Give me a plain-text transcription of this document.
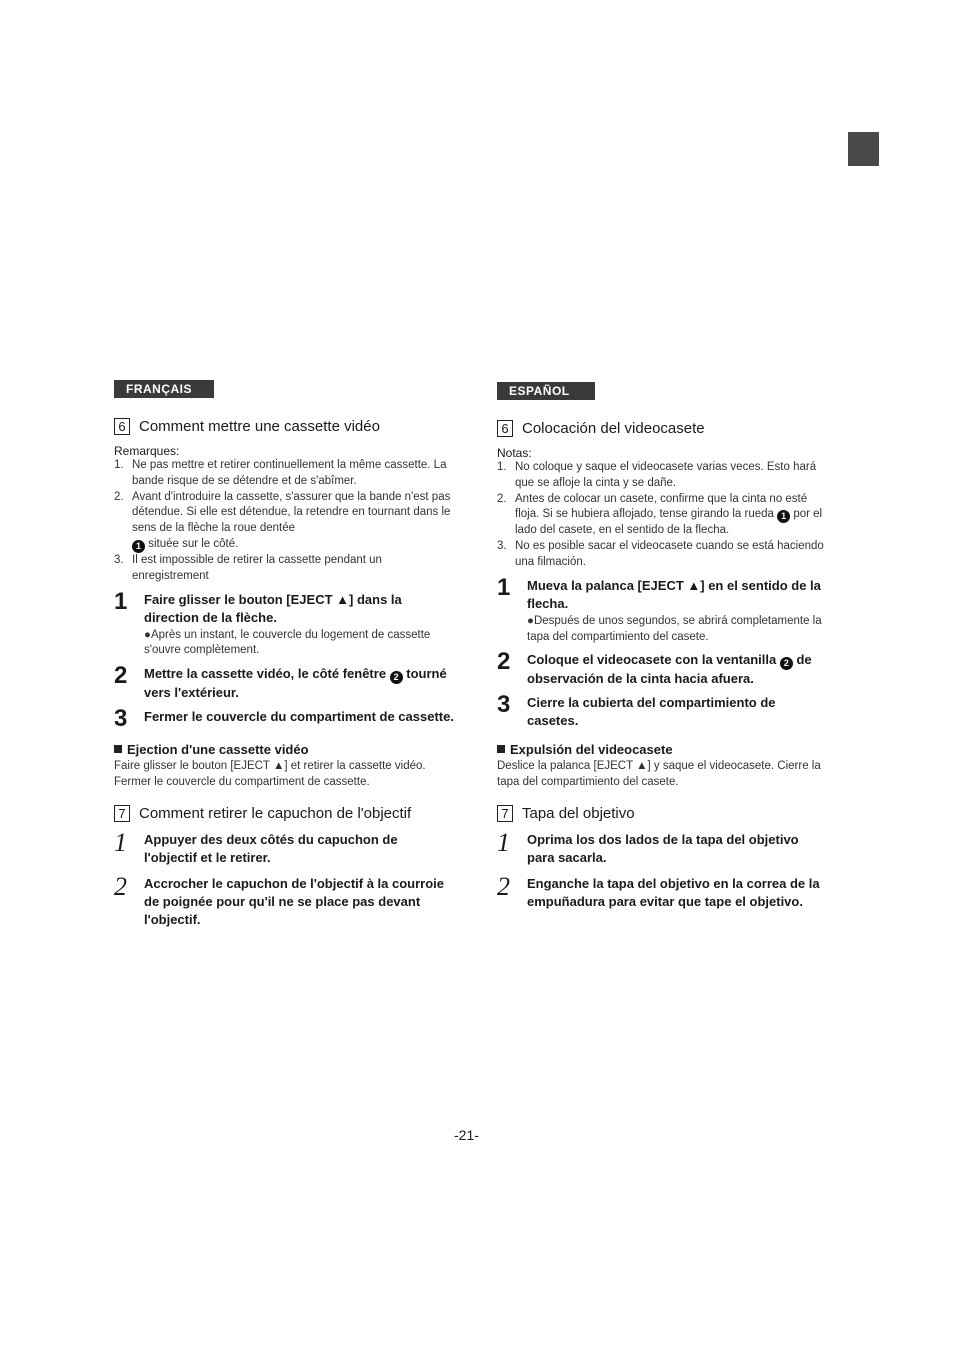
FRANÇAIS
6 Comment mettre une cassette vidéo
Remarques:
1. Ne pas mettre et retirer continuellement la même cassette. La bande risque de se détendre et de s'abîmer.
2. Avant d'introduire la cassette, s'assurer que la bande n'est pas détendue. Si elle est détendue, la retendre en tournant dans le sens de la flèche la roue dentée
1 située sur le côté.
3. Il est impossible de retirer la cassette pendant un enregistrement
1	Faire glisser le bouton [EJECT ▲] dans la direction de la flèche.
●Après un instant, le couvercle du logement de cassette s'ouvre complètement.
2	Mettre la cassette vidéo, le côté fenêtre 2 tourné vers l'extérieur.
3	Fermer le couvercle du compartiment de cassette.
Ejection d'une cassette vidéo
Faire glisser le bouton [EJECT ▲] et retirer la cassette vidéo. Fermer le couvercle du compartiment de cassette.
7 Comment retirer le capuchon de l'objectif
1	Appuyer des deux côtés du capuchon de l'objectif et le retirer.
2	Accrocher le capuchon de l'objectif à la courroie de poignée pour qu'il ne se place pas devant l'objectif.
ESPAÑOL
6 Colocación del videocasete
Notas:
1. No coloque y saque el videocasete varias veces. Esto hará que se afloje la cinta y se dañe.
2. Antes de colocar un casete, confirme que la cinta no esté floja. Si se hubiera aflojado, tense girando la rueda 1 por el lado del casete, en el sentido de la flecha.
3. No es posible sacar el videocasete cuando se está haciendo una filmación.
1	Mueva la palanca [EJECT ▲] en el sentido de la flecha.
●Después de unos segundos, se abrirá completamente la tapa del compartimiento del casete.
2	Coloque el videocasete con la ventanilla 2 de observación de la cinta hacia afuera.
3	Cierre la cubierta del compartimiento de casetes.
Expulsión del videocasete
Deslice la palanca [EJECT ▲] y saque el videocasete. Cierre la tapa del compartimiento del casete.
7 Tapa del objetivo
1	Oprima los dos lados de la tapa del objetivo para sacarla.
2	Enganche la tapa del objetivo en la correa de la empuñadura para evitar que tape el objetivo.
-21-
